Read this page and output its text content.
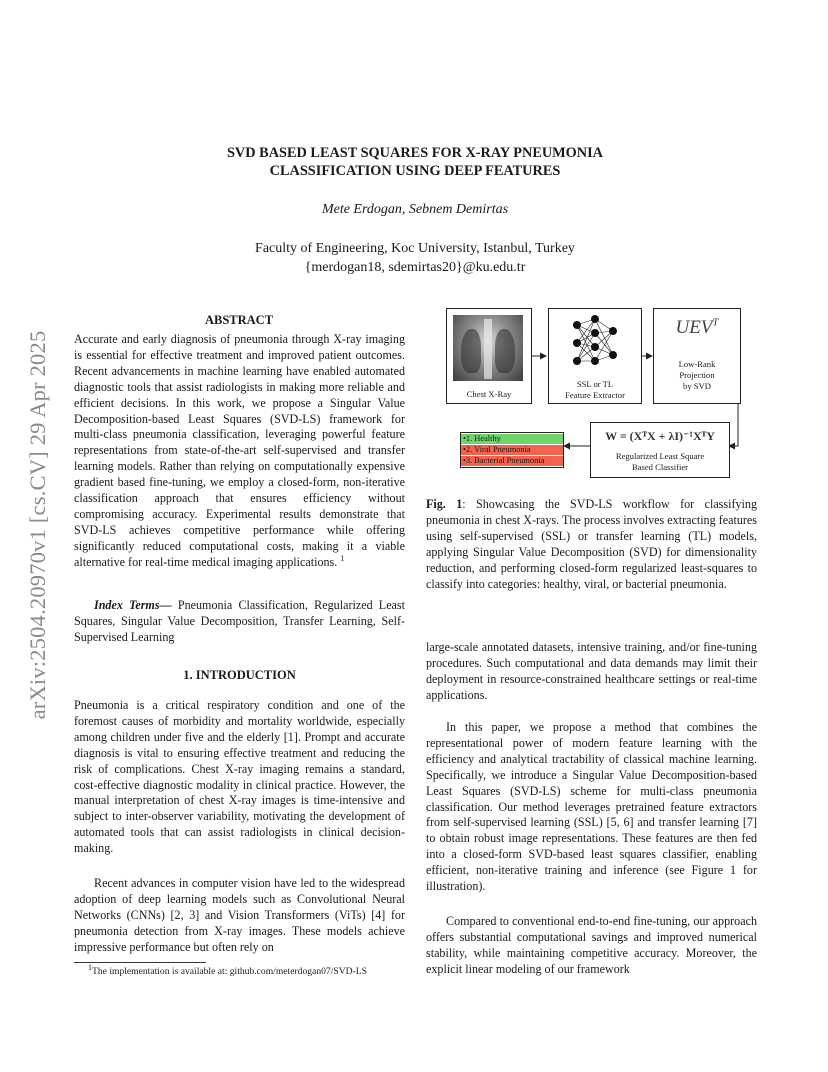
arXiv:2504.20970v1 [cs.CV] 29 Apr 2025
SVD BASED LEAST SQUARES FOR X-RAY PNEUMONIA
CLASSIFICATION USING DEEP FEATURES
Mete Erdogan, Sebnem Demirtas
Faculty of Engineering, Koc University, Istanbul, Turkey
{merdogan18, sdemirtas20}@ku.edu.tr
ABSTRACT
Accurate and early diagnosis of pneumonia through X-ray imaging is essential for effective treatment and improved patient outcomes. Recent advancements in machine learning have enabled automated diagnostic tools that assist radiologists in making more reliable and efficient decisions. In this work, we propose a Singular Value Decomposition-based Least Squares (SVD-LS) framework for multi-class pneumonia classification, leveraging powerful feature representations from state-of-the-art self-supervised and transfer learning models. Rather than relying on computationally expensive gradient based fine-tuning, we employ a closed-form, non-iterative classification approach that ensures efficiency without compromising accuracy. Experimental results demonstrate that SVD-LS achieves competitive performance while offering significantly reduced computational costs, making it a viable alternative for real-time medical imaging applications. $^1$
Index Terms— Pneumonia Classification, Regularized Least Squares, Singular Value Decomposition, Transfer Learning, Self-Supervised Learning
1. INTRODUCTION
Pneumonia is a critical respiratory condition and one of the foremost causes of morbidity and mortality worldwide, especially among children under five and the elderly [1]. Prompt and accurate diagnosis is vital to ensuring effective treatment and reducing the risk of complications. Chest X-ray imaging remains a standard, cost-effective diagnostic modality in clinical practice. However, the manual interpretation of chest X-ray images is time-intensive and subject to inter-observer variability, motivating the development of automated tools that can assist radiologists in clinical decision-making.
Recent advances in computer vision have led to the widespread adoption of deep learning models such as Convolutional Neural Networks (CNNs) [2, 3] and Vision Transformers (ViTs) [4] for pneumonia detection from X-ray images. These models achieve impressive performance but often rely on
$^1$The implementation is available at: github.com/meterdogan07/SVD-LS
Chest X-Ray
SSL or TL
Feature Extractor
$UEV^T$
Low-Rank
Projection
by SVD
•1. Healthy
•2. Viral Pneumonia
•3. Bacterial Pneumonia
W = (XᵀX + λI)⁻¹XᵀY
Regularized Least Square
Based Classifier
Fig. 1: Showcasing the SVD-LS workflow for classifying pneumonia in chest X-rays. The process involves extracting features using self-supervised (SSL) or transfer learning (TL) models, applying Singular Value Decomposition (SVD) for dimensionality reduction, and performing closed-form regularized least-squares to classify into categories: healthy, viral, or bacterial pneumonia.
large-scale annotated datasets, intensive training, and/or fine-tuning procedures. Such computational and data demands may limit their deployment in resource-constrained healthcare settings or real-time applications.
In this paper, we propose a method that combines the representational power of modern feature learning with the efficiency and analytical tractability of classical machine learning. Specifically, we introduce a Singular Value Decomposition-based Least Squares (SVD-LS) scheme for multi-class pneumonia classification. Our method leverages pretrained feature extractors from self-supervised learning (SSL) [5, 6] and transfer learning [7] to obtain robust image representations. These features are then fed into a closed-form SVD-based least squares classifier, enabling efficient, non-iterative training and inference (see Figure 1 for illustration).
Compared to conventional end-to-end fine-tuning, our approach offers substantial computational savings and improved numerical stability, while maintaining competitive accuracy. Moreover, the explicit linear modeling of our framework
